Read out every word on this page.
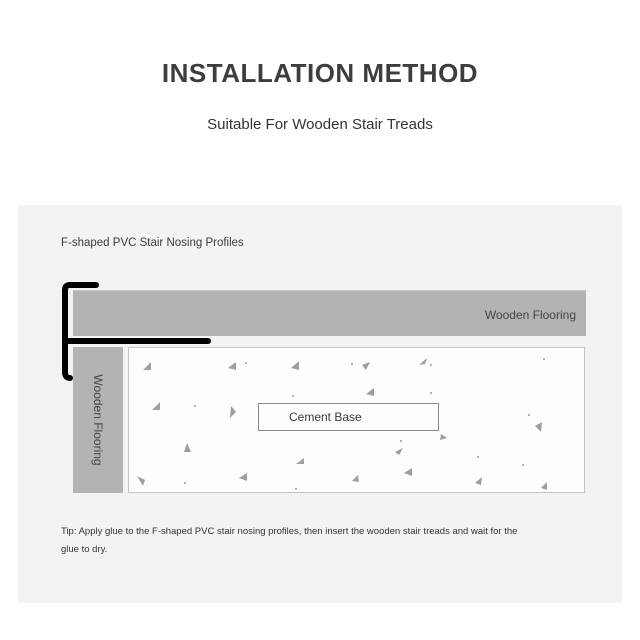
INSTALLATION METHOD
Suitable For Wooden Stair Treads
F-shaped PVC Stair Nosing Profiles
Wooden Flooring
Wooden Flooring	Cement Base
Tip: Apply glue to the F-shaped PVC stair nosing profiles, then insert the wooden stair treads and wait for the glue to dry.
